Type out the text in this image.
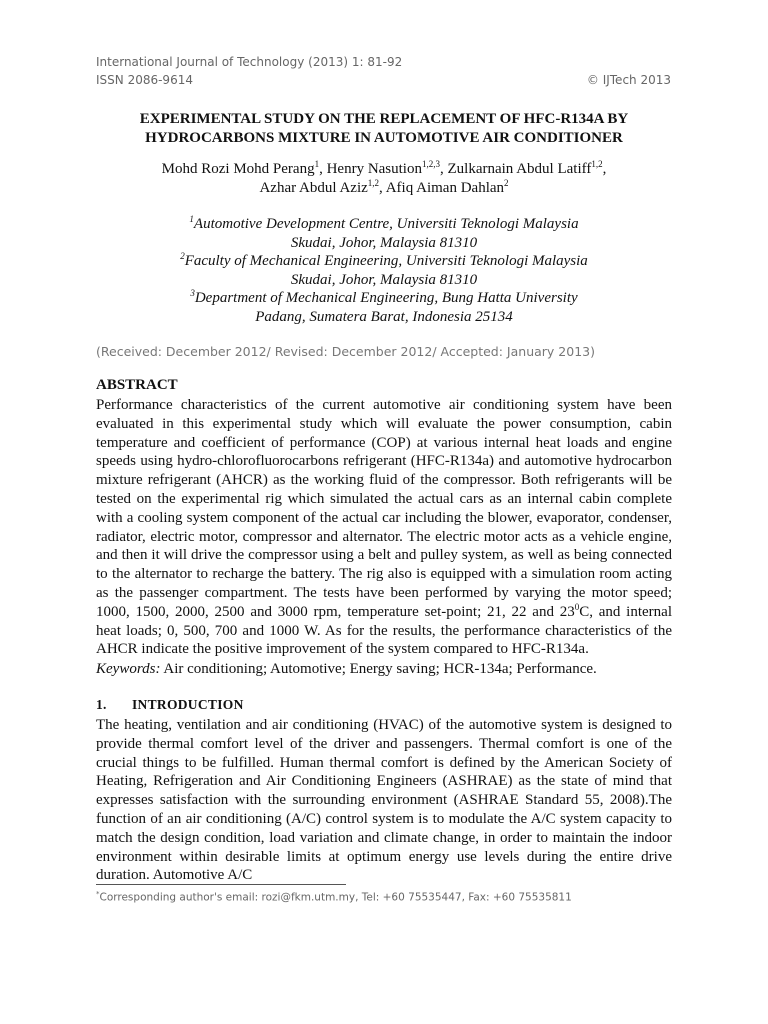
International Journal of Technology (2013) 1: 81-92
ISSN 2086-9614	© IJTech 2013
EXPERIMENTAL STUDY ON THE REPLACEMENT OF HFC-R134A BY
HYDROCARBONS MIXTURE IN AUTOMOTIVE AIR CONDITIONER
Mohd Rozi Mohd Perang$^1$, Henry Nasution$^{1,2,3}$, Zulkarnain Abdul Latiff$^{1,2}$,
Azhar Abdul Aziz$^{1,2}$, Afiq Aiman Dahlan$^2$
$^1$Automotive Development Centre, Universiti Teknologi Malaysia
Skudai, Johor, Malaysia 81310
$^2$Faculty of Mechanical Engineering, Universiti Teknologi Malaysia
Skudai, Johor, Malaysia 81310
$^3$Department of Mechanical Engineering, Bung Hatta University
Padang, Sumatera Barat, Indonesia 25134
(Received: December 2012/ Revised: December 2012/ Accepted: January 2013)
ABSTRACT
Performance characteristics of the current automotive air conditioning system have been evaluated in this experimental study which will evaluate the power consumption, cabin temperature and coefficient of performance (COP) at various internal heat loads and engine speeds using hydro-chlorofluorocarbons refrigerant (HFC-R134a) and automotive hydrocarbon mixture refrigerant (AHCR) as the working fluid of the compressor. Both refrigerants will be tested on the experimental rig which simulated the actual cars as an internal cabin complete with a cooling system component of the actual car including the blower, evaporator, condenser, radiator, electric motor, compressor and alternator. The electric motor acts as a vehicle engine, and then it will drive the compressor using a belt and pulley system, as well as being connected to the alternator to recharge the battery. The rig also is equipped with a simulation room acting as the passenger compartment. The tests have been performed by varying the motor speed; 1000, 1500, 2000, 2500 and 3000 rpm, temperature set-point; 21, 22 and $23^0C$, and internal heat loads; 0, 500, 700 and 1000 W. As for the results, the performance characteristics of the AHCR indicate the positive improvement of the system compared to HFC-R134a.
Keywords: Air conditioning; Automotive; Energy saving; HCR-134a; Performance.
1. INTRODUCTION
The heating, ventilation and air conditioning (HVAC) of the automotive system is designed to provide thermal comfort level of the driver and passengers. Thermal comfort is one of the crucial things to be fulfilled. Human thermal comfort is defined by the American Society of Heating, Refrigeration and Air Conditioning Engineers (ASHRAE) as the state of mind that expresses satisfaction with the surrounding environment (ASHRAE Standard 55, 2008).The function of an air conditioning (A/C) control system is to modulate the A/C system capacity to match the design condition, load variation and climate change, in order to maintain the indoor environment within desirable limits at optimum energy use levels during the entire drive duration. Automotive A/C
*Corresponding author's email: rozi@fkm.utm.my, Tel: +60 75535447, Fax: +60 75535811
